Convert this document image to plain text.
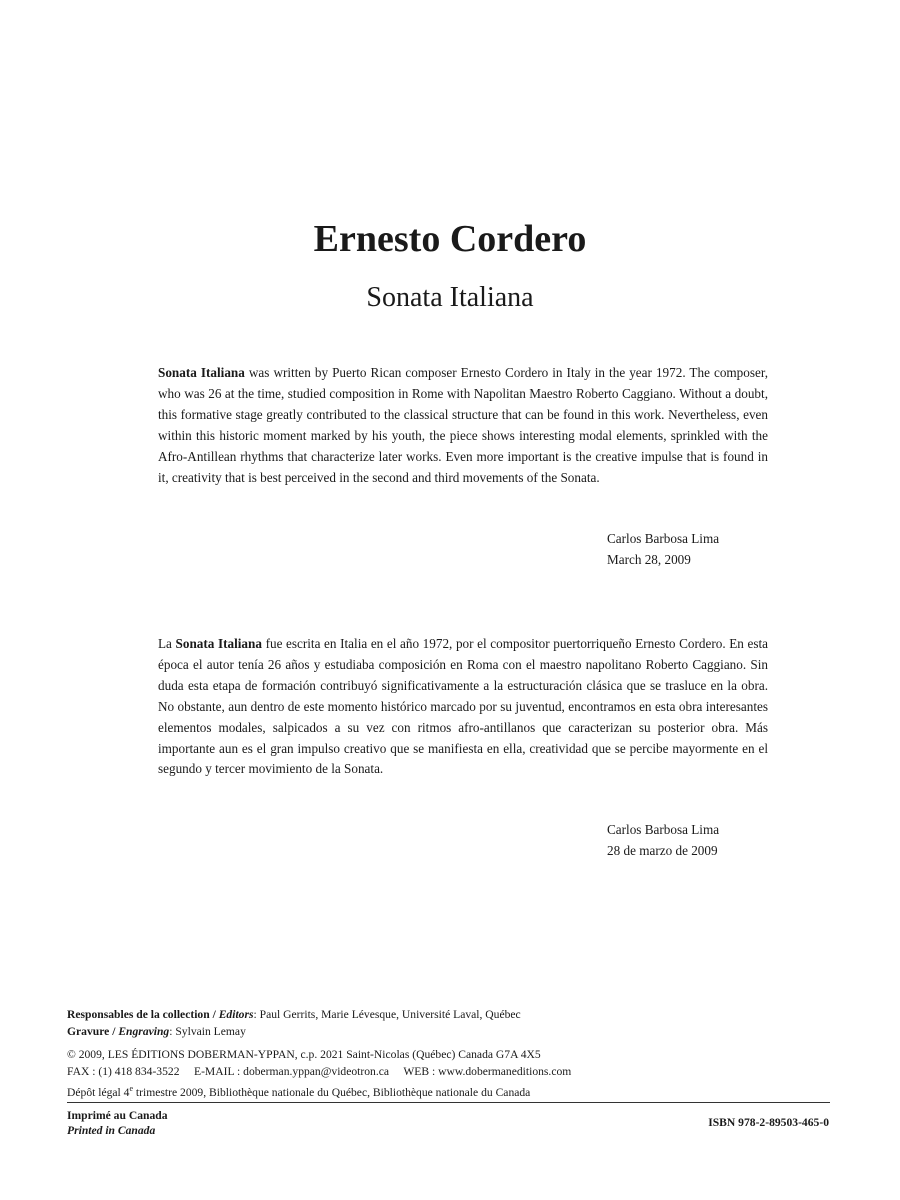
Ernesto Cordero
Sonata Italiana

Sonata Italiana was written by Puerto Rican composer Ernesto Cordero in Italy in the year 1972. The composer, who was 26 at the time, studied composition in Rome with Napolitan Maestro Roberto Caggiano. Without a doubt, this formative stage greatly contributed to the classical structure that can be found in this work. Nevertheless, even within this historic moment marked by his youth, the piece shows interesting modal elements, sprinkled with the Afro-Antillean rhythms that characterize later works. Even more important is the creative impulse that is found in it, creativity that is best perceived in the second and third movements of the Sonata.

Carlos Barbosa Lima
March 28, 2009

La Sonata Italiana fue escrita en Italia en el año 1972, por el compositor puertorriqueño Ernesto Cordero. En esta época el autor tenía 26 años y estudiaba composición en Roma con el maestro napolitano Roberto Caggiano. Sin duda esta etapa de formación contribuyó significativamente a la estructuración clásica que se trasluce en la obra. No obstante, aun dentro de este momento histórico marcado por su juventud, encontramos en esta obra interesantes elementos modales, salpicados a su vez con ritmos afro-antillanos que caracterizan su posterior obra. Más importante aun es el gran impulso creativo que se manifiesta en ella, creatividad que se percibe mayormente en el segundo y tercer movimiento de la Sonata.

Carlos Barbosa Lima
28 de marzo de 2009
Responsables de la collection / Editors: Paul Gerrits, Marie Lévesque, Université Laval, Québec
Gravure / Engraving: Sylvain Lemay
© 2009, LES ÉDITIONS DOBERMAN-YPPAN, c.p. 2021 Saint-Nicolas (Québec) Canada G7A 4X5
FAX : (1) 418 834-3522     E-MAIL : doberman.yppan@videotron.ca     WEB : www.dobermaneditions.com
Dépôt légal 4e trimestre 2009, Bibliothèque nationale du Québec, Bibliothèque nationale du Canada
Imprimé au Canada
Printed in Canada
ISBN 978-2-89503-465-0
